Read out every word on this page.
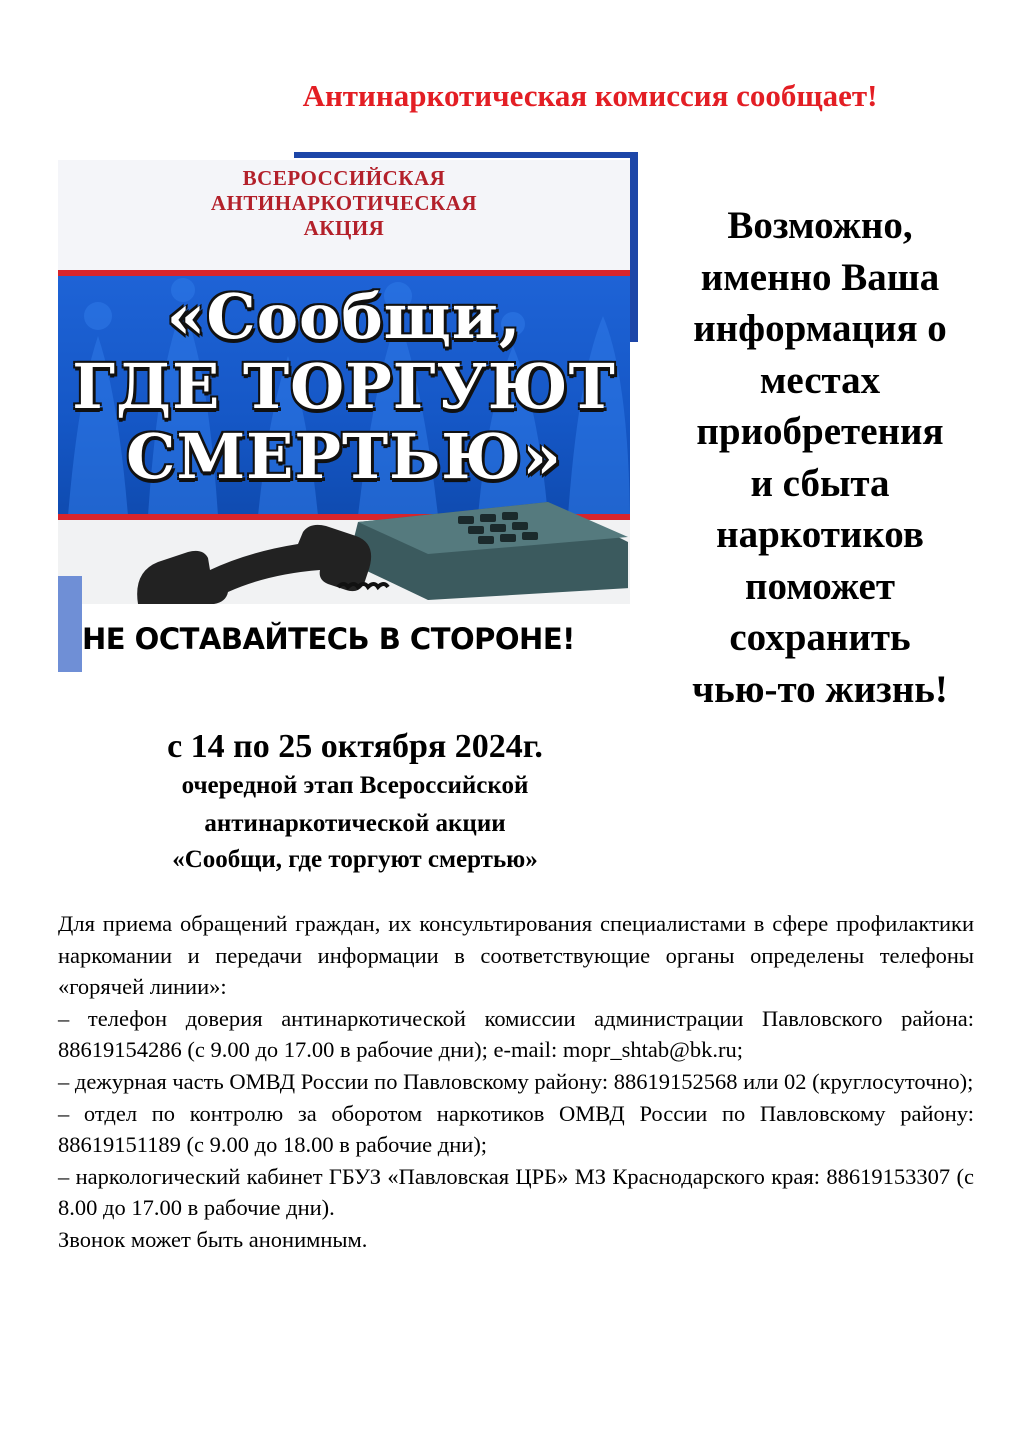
Антинаркотическая комиссия сообщает!
ВСЕРОССИЙСКАЯ
АНТИНАРКОТИЧЕСКАЯ
АКЦИЯ
«Сообщи,
ГДЕ ТОРГУЮТ
СМЕРТЬЮ»
НЕ ОСТАВАЙТЕСЬ В СТОРОНЕ!
Возможно,
именно Ваша
информация о
местах
приобретения
и сбыта
наркотиков
поможет
сохранить
чью-то жизнь!
с 14 по 25 октября 2024г.
очередной этап Всероссийской
антинаркотической акции
«Сообщи, где торгуют смертью»

Для приема обращений граждан, их консультирования специалистами в сфере профилактики наркомании и передачи информации в соответствующие органы определены телефоны «горячей линии»:

– телефон доверия антинаркотической комиссии администрации Павловского района: 88619154286 (с 9.00 до 17.00 в рабочие дни); e-mail: mopr_shtab@bk.ru;

– дежурная часть ОМВД России по Павловскому району: 88619152568 или 02 (круглосуточно);

– отдел по контролю за оборотом наркотиков ОМВД России по Павловскому району: 88619151189 (с 9.00 до 18.00 в рабочие дни);

– наркологический кабинет ГБУЗ «Павловская ЦРБ» МЗ Краснодарского края: 88619153307 (с 8.00 до 17.00 в рабочие дни).

Звонок может быть анонимным.
